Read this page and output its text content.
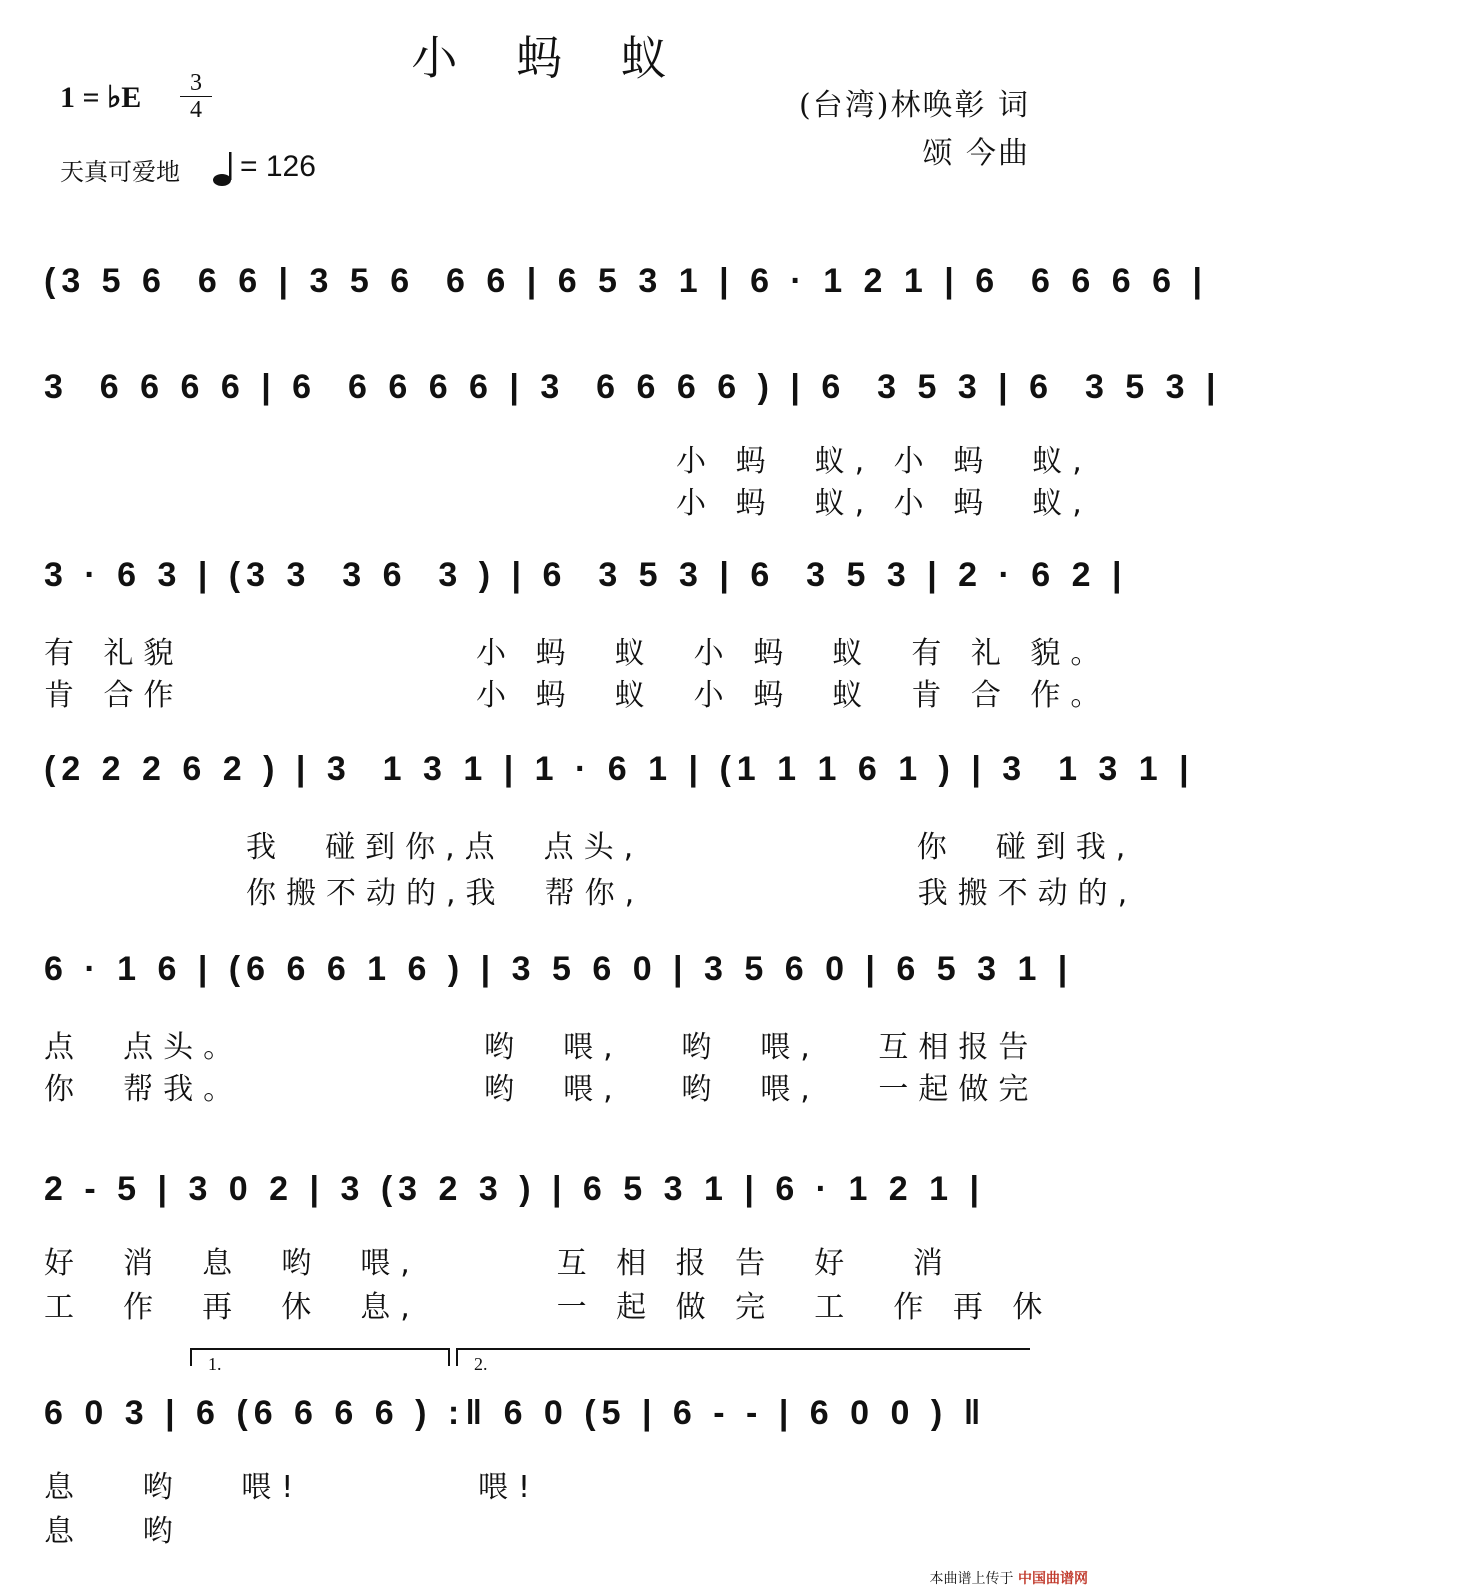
小 蚂 蚁
1 = ♭E	3
4	(台湾)林唤彰 词
颂 今曲
天真可爱地 = 126
(3 5 6  6 6 | 3 5 6  6 6 | 6 5 3 1 | 6 · 1 2 1 | 6  6 6 6 6 |
3  6 6 6 6 | 6  6 6 6 6 | 3  6 6 6 6 ) | 6  3 5 3 | 6  3 5 3 |
小 蚂  蚁, 小 蚂  蚁,
小 蚂  蚁, 小 蚂  蚁,
3 · 6 3 | (3 3  3 6  3 ) | 6  3 5 3 | 6  3 5 3 | 2 · 6 2 |
有 礼貌	小 蚂  蚁  小 蚂  蚁  有 礼 貌。
肯 合作	小 蚂  蚁  小 蚂  蚁  肯 合 作。
(2 2 2 6 2 ) | 3  1 3 1 | 1 · 6 1 | (1 1 1 6 1 ) | 3  1 3 1 |
我  碰到你,点  点头,              你  碰到我,
你搬不动的,我  帮你,              我搬不动的,
6 · 1 6 | (6 6 6 1 6 ) | 3 5 6 0 | 3 5 6 0 | 6 5 3 1 |
点  点头。	哟  喂,   哟  喂,   互相报告
你  帮我。	哟  喂,   哟  喂,   一起做完
2 - 5 | 3 0 2 | 3 (3 2 3 ) | 6 5 3 1 | 6 · 1 2 1 |
好  消  息  哟  喂,       互 相 报 告  好   消
工  作  再  休  息,       一 起 做 完  工  作 再 休
1.	2.
6 0 3 | 6 (6 6 6 6 ) :‖ 6 0 (5 | 6 - - | 6 0 0 ) ‖
息   哟   喂!	喂!
息   哟
本曲谱上传于 中国曲谱网
